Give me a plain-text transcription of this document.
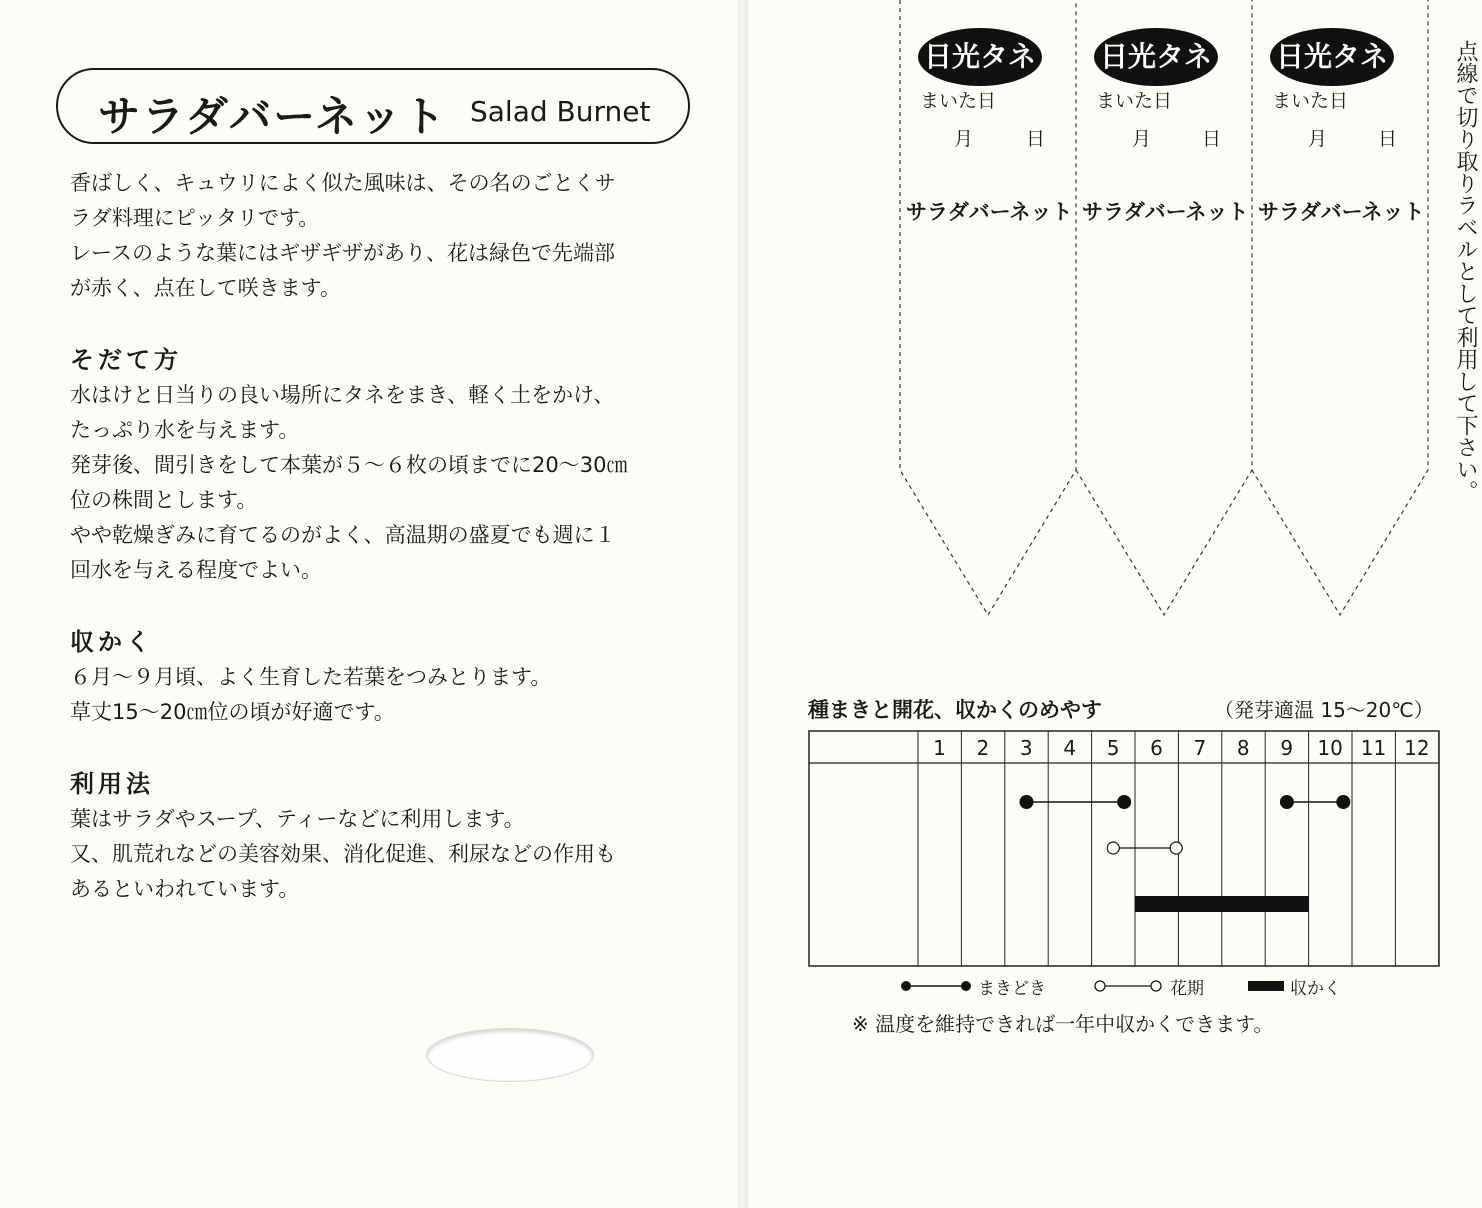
サラダバーネット Salad Burnet
香ばしく、キュウリによく似た風味は、その名のごとくサ
ラダ料理にピッタリです。
レースのような葉にはギザギザがあり、花は緑色で先端部
が赤く、点在して咲きます。
そだて方
水はけと日当りの良い場所にタネをまき、軽く土をかけ、
たっぷり水を与えます。
発芽後、間引きをして本葉が５～６枚の頃までに20～30㎝
位の株間とします。
やや乾燥ぎみに育てるのがよく、高温期の盛夏でも週に１
回水を与える程度でよい。
収かく
６月～９月頃、よく生育した若葉をつみとります。
草丈15～20㎝位の頃が好適です。
利用法
葉はサラダやスープ、ティーなどに利用します。
又、肌荒れなどの美容効果、消化促進、利尿などの作用も
あるといわれています。
日光タネ
まいた日
月	日
サラダバーネット
日光タネ
まいた日
月	日
サラダバーネット
日光タネ
まいた日
月	日
サラダバーネット	点線で切り取りラベルとして利用して下さい。
種まきと開花、収かくのめやす	（発芽適温 15～20℃）
1	2	3	4	5	6	7	8	9	10 11 12
まきどき	花期	収かく
※ 温度を維持できれば一年中収かくできます。
